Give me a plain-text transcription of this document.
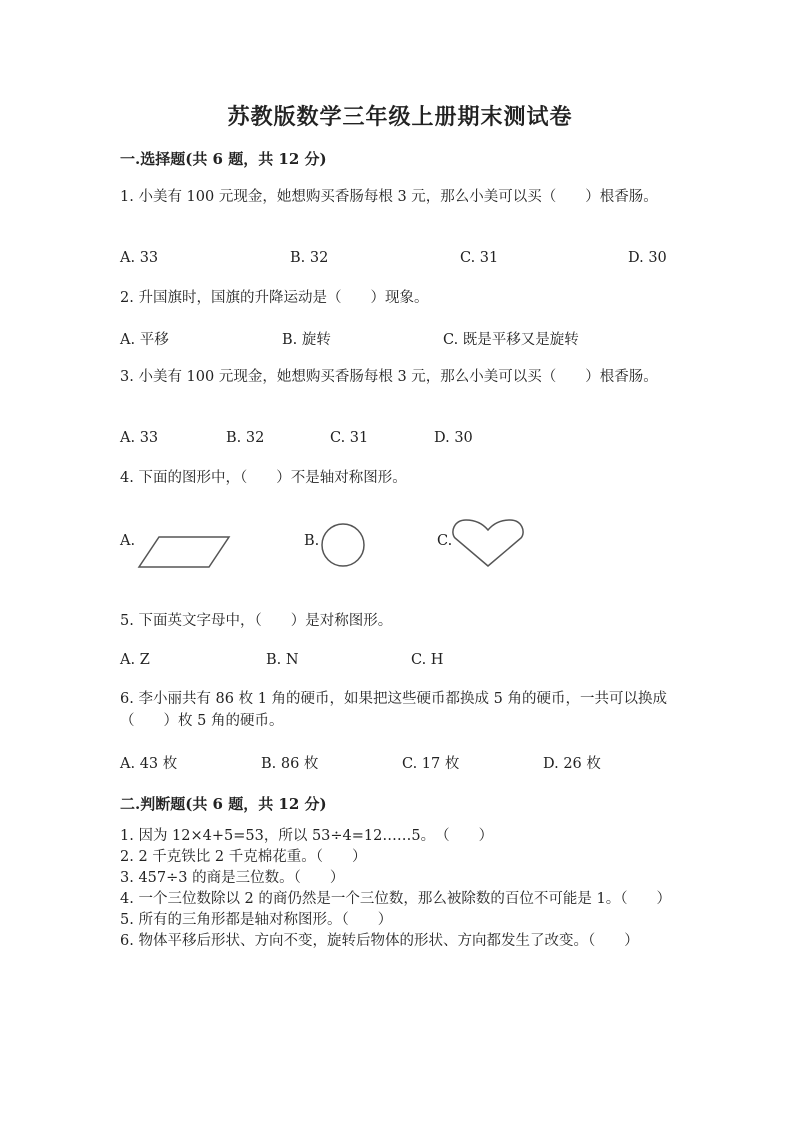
苏教版数学三年级上册期末测试卷
一.选择题(共 6 题，共 12 分)
1. 小美有 100 元现金，她想购买香肠每根 3 元，那么小美可以买（　　）根香肠。
A. 33	B. 32	C. 31	D. 30
2. 升国旗时，国旗的升降运动是（　　）现象。
A. 平移	B. 旋转	C. 既是平移又是旋转
3. 小美有 100 元现金，她想购买香肠每根 3 元，那么小美可以买（　　）根香肠。
A. 33	B. 32	C. 31	D. 30
4. 下面的图形中，（　　）不是轴对称图形。
A.	B.	C.
5. 下面英文字母中，（　　）是对称图形。
A. Z	B. N	C. H
6. 李小丽共有 86 枚 1 角的硬币，如果把这些硬币都换成 5 角的硬币，一共可以换成（　　）枚 5 角的硬币。
A. 43 枚	B. 86 枚	C. 17 枚	D. 26 枚
二.判断题(共 6 题，共 12 分)
1. 因为 12×4+5=53，所以 53÷4=12……5。　（　　）
2. 2 千克铁比 2 千克棉花重。（　　）
3. 457÷3 的商是三位数。（　　）
4. 一个三位数除以 2 的商仍然是一个三位数，那么被除数的百位不可能是 1。（　　）
5. 所有的三角形都是轴对称图形。（　　）
6. 物体平移后形状、方向不变，旋转后物体的形状、方向都发生了改变。（　　）
